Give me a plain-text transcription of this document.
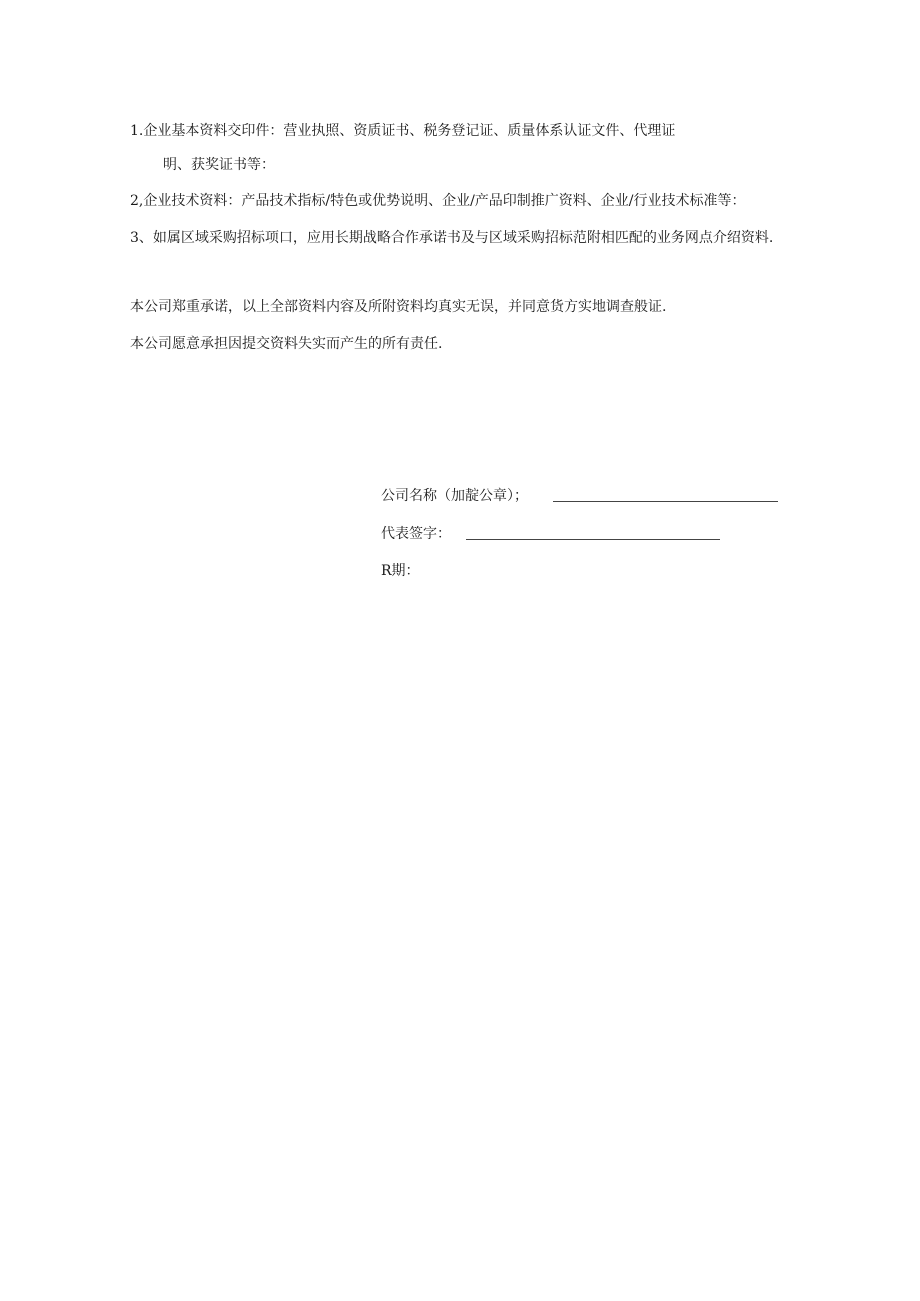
1.企业基本资料交印件：营业执照、资质证书、税务登记证、质量体系认证文件、代理证
明、获奖证书等：
2,企业技术资料：产品技术指标/特色或优势说明、企业/产品印制推广资料、企业/行业技术标准等：
3、如属区域采购招标项口，应用长期战略合作承诺书及与区域采购招标范附相匹配的业务网点介绍资料.
本公司郑重承诺，以上全部资料内容及所附资料均真实无误，并同意货方实地调查般证.
本公司愿意承担因提交资料失实而产生的所有责任.
公司名称（加靛公章）；
代表签字：
R期：
